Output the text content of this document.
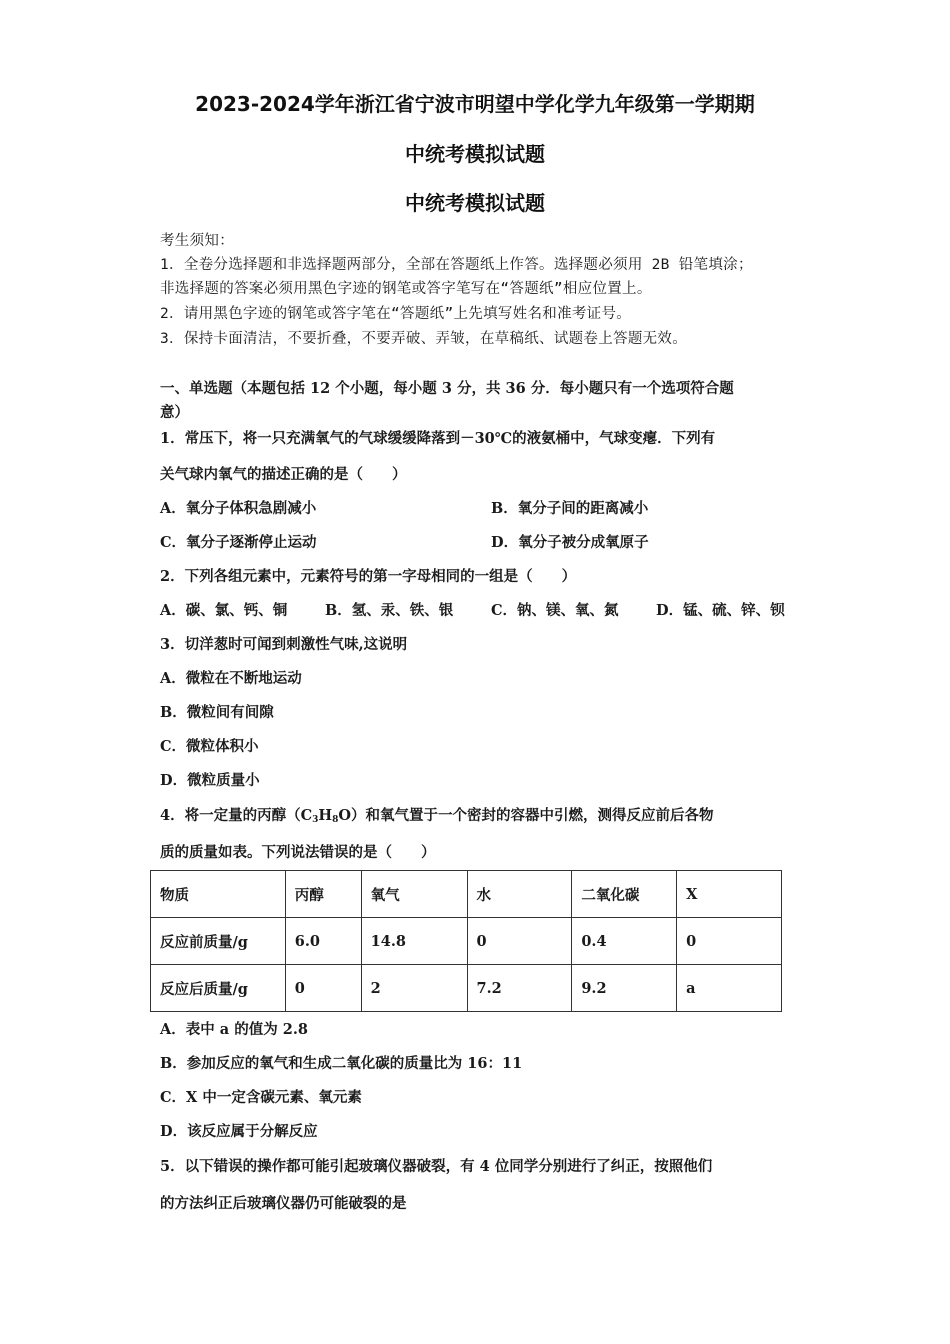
2023-2024学年浙江省宁波市明望中学化学九年级第一学期期
中统考模拟试题
中统考模拟试题
考生须知：
1．全卷分选择题和非选择题两部分，全部在答题纸上作答。选择题必须用 2B 铅笔填涂；
非选择题的答案必须用黑色字迹的钢笔或答字笔写在“答题纸”相应位置上。
2．请用黑色字迹的钢笔或答字笔在“答题纸”上先填写姓名和准考证号。
3．保持卡面清洁，不要折叠，不要弄破、弄皱，在草稿纸、试题卷上答题无效。
一、单选题（本题包括 12 个小题，每小题 3 分，共 36 分．每小题只有一个选项符合题
意）
1．常压下，将一只充满氧气的气球缓缓降落到－30℃的液氨桶中，气球变瘪．下列有
关气球内氧气的描述正确的是（　　）
A．氧分子体积急剧减小	B．氧分子间的距离减小
C．氧分子逐渐停止运动	D．氧分子被分成氧原子
2．下列各组元素中，元素符号的第一字母相同的一组是（　　）
A．碳、氯、钙、铜	B．氢、汞、铁、银	C．钠、镁、氧、氮	D．锰、硫、锌、钡
3．切洋葱时可闻到刺激性气味,这说明
A．微粒在不断地运动
B．微粒间有间隙
C．微粒体积小
D．微粒质量小
4．将一定量的丙醇$(C_3H_8O)$和氧气置于一个密封的容器中引燃，测得反应前后各物
质的质量如表。下列说法错误的是（　　）
物质	丙醇	氧气	水	二氧化碳	X
反应前质量/g	6.0	14.8	0	0.4	0
反应后质量/g	0	2	7.2	9.2	a
A．表中 a 的值为 2.8
B．参加反应的氧气和生成二氧化碳的质量比为 16：11
C．X 中一定含碳元素、氧元素
D．该反应属于分解反应
5．以下错误的操作都可能引起玻璃仪器破裂，有 4 位同学分别进行了纠正，按照他们
的方法纠正后玻璃仪器仍可能破裂的是
